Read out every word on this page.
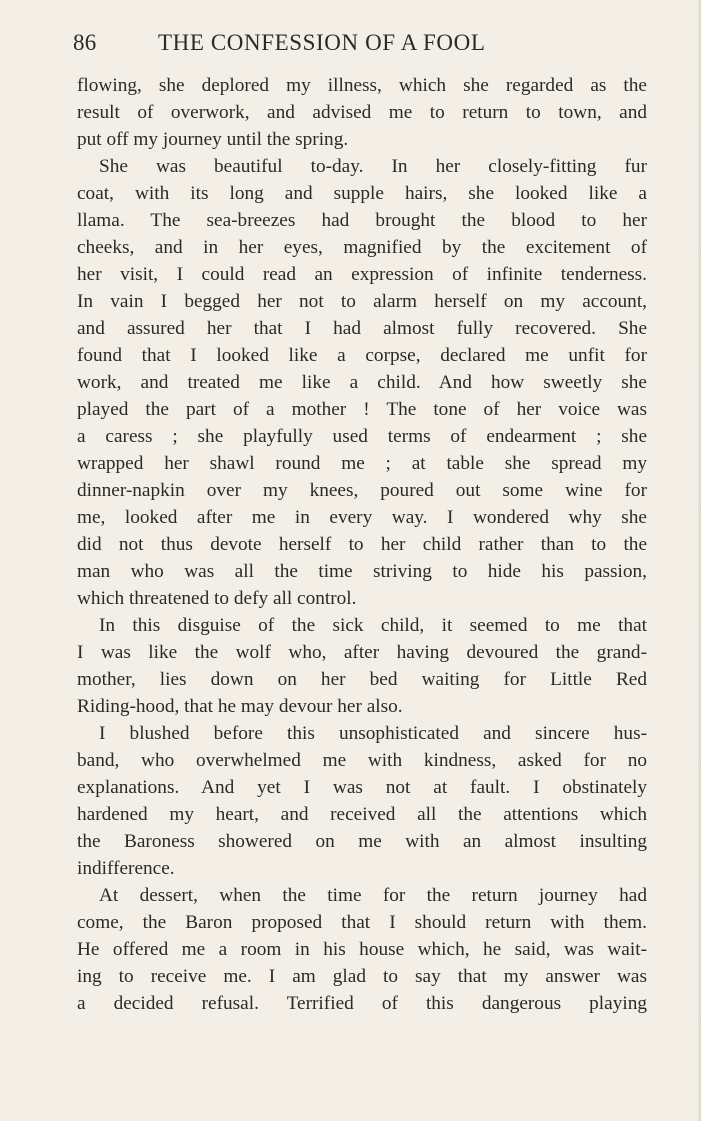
86	THE CONFESSION OF A FOOL
flowing, she deplored my illness, which she regarded as the
result of overwork, and advised me to return to town, and
put off my journey until the spring.
She was beautiful to-day. In her closely-fitting fur
coat, with its long and supple hairs, she looked like a
llama. The sea-breezes had brought the blood to her
cheeks, and in her eyes, magnified by the excitement of
her visit, I could read an expression of infinite tenderness.
In vain I begged her not to alarm herself on my account,
and assured her that I had almost fully recovered. She
found that I looked like a corpse, declared me unfit for
work, and treated me like a child. And how sweetly she
played the part of a mother ! The tone of her voice was
a caress ; she playfully used terms of endearment ; she
wrapped her shawl round me ; at table she spread my
dinner-napkin over my knees, poured out some wine for
me, looked after me in every way. I wondered why she
did not thus devote herself to her child rather than to the
man who was all the time striving to hide his passion,
which threatened to defy all control.
In this disguise of the sick child, it seemed to me that
I was like the wolf who, after having devoured the grand-
mother, lies down on her bed waiting for Little Red
Riding-hood, that he may devour her also.
I blushed before this unsophisticated and sincere hus-
band, who overwhelmed me with kindness, asked for no
explanations. And yet I was not at fault. I obstinately
hardened my heart, and received all the attentions which
the Baroness showered on me with an almost insulting
indifference.
At dessert, when the time for the return journey had
come, the Baron proposed that I should return with them.
He offered me a room in his house which, he said, was wait-
ing to receive me. I am glad to say that my answer was
a decided refusal. Terrified of this dangerous playing
